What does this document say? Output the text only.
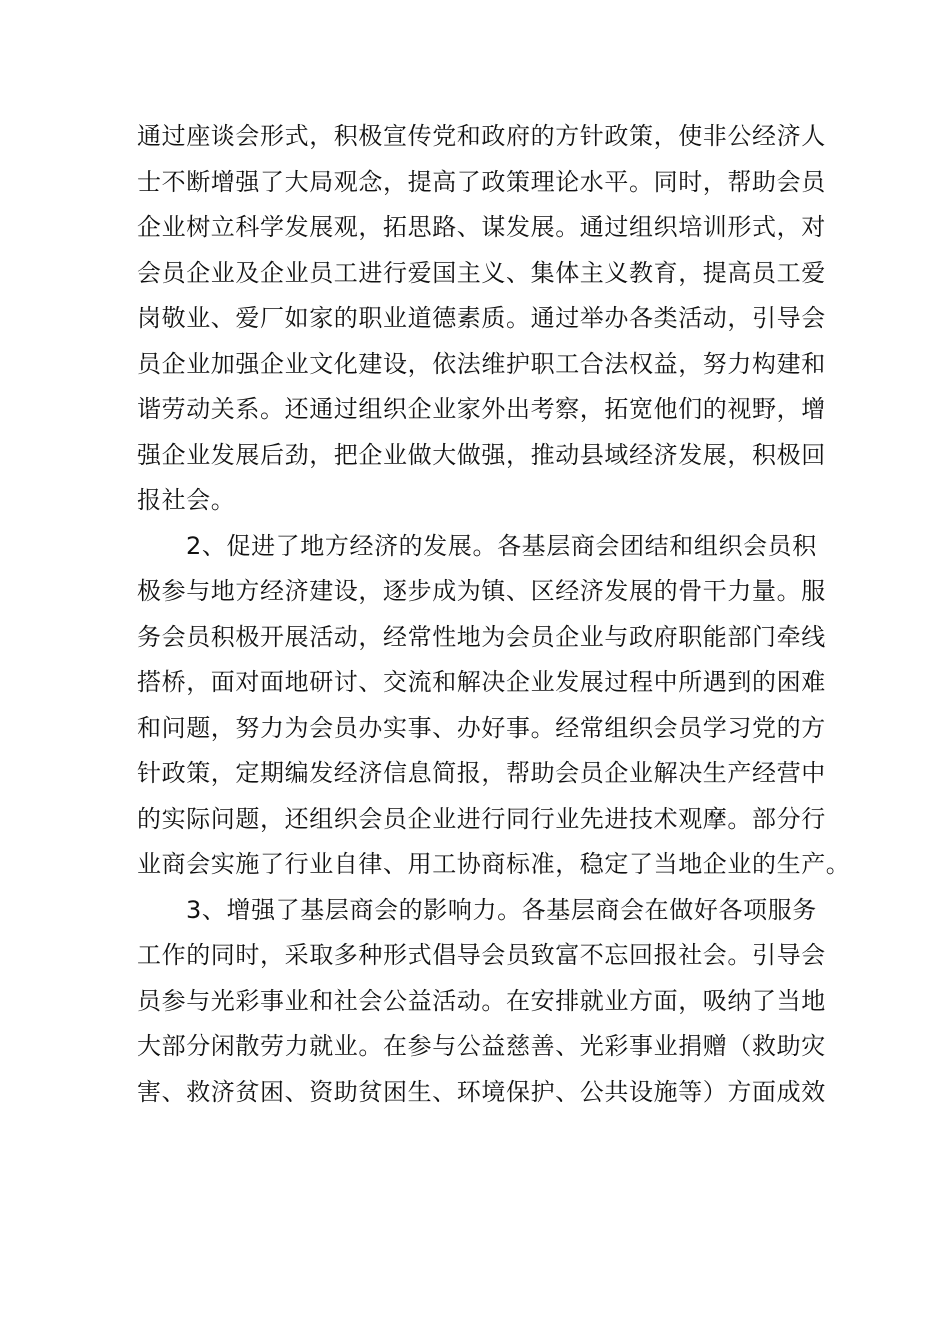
通过座谈会形式，积极宣传党和政府的方针政策，使非公经济人
士不断增强了大局观念，提高了政策理论水平。同时，帮助会员
企业树立科学发展观，拓思路、谋发展。通过组织培训形式，对
会员企业及企业员工进行爱国主义、集体主义教育，提高员工爱
岗敬业、爱厂如家的职业道德素质。通过举办各类活动，引导会
员企业加强企业文化建设，依法维护职工合法权益，努力构建和
谐劳动关系。还通过组织企业家外出考察，拓宽他们的视野，增
强企业发展后劲，把企业做大做强，推动县域经济发展，积极回
报社会。
2、促进了地方经济的发展。各基层商会团结和组织会员积
极参与地方经济建设，逐步成为镇、区经济发展的骨干力量。服
务会员积极开展活动，经常性地为会员企业与政府职能部门牵线
搭桥，面对面地研讨、交流和解决企业发展过程中所遇到的困难
和问题，努力为会员办实事、办好事。经常组织会员学习党的方
针政策，定期编发经济信息简报，帮助会员企业解决生产经营中
的实际问题，还组织会员企业进行同行业先进技术观摩。部分行
业商会实施了行业自律、用工协商标准，稳定了当地企业的生产。
3、增强了基层商会的影响力。各基层商会在做好各项服务
工作的同时，采取多种形式倡导会员致富不忘回报社会。引导会
员参与光彩事业和社会公益活动。在安排就业方面，吸纳了当地
大部分闲散劳力就业。在参与公益慈善、光彩事业捐赠（救助灾
害、救济贫困、资助贫困生、环境保护、公共设施等）方面成效
